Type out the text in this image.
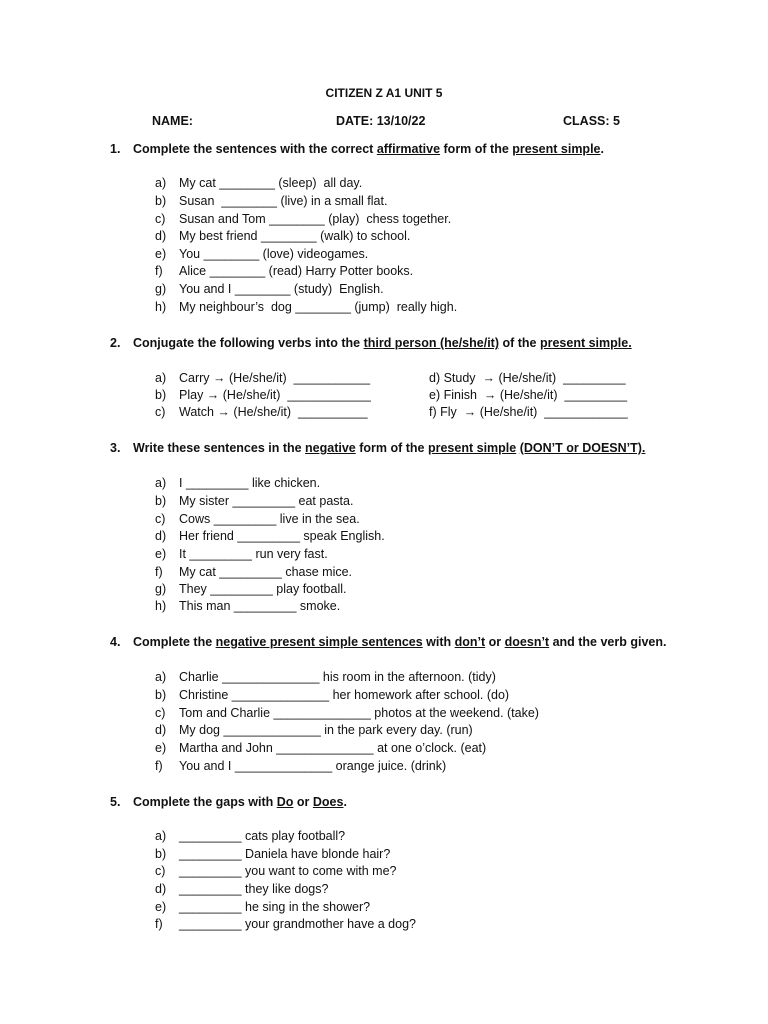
CITIZEN Z A1 UNIT 5
NAME:	DATE: 13/10/22	CLASS: 5
1. Complete the sentences with the correct affirmative form of the present simple.
a) My cat ________ (sleep)  all day.
b) Susan  ________ (live) in a small flat.
c) Susan and Tom ________ (play)  chess together.
d) My best friend ________ (walk) to school.
e) You ________ (love) videogames.
f) Alice ________ (read) Harry Potter books.
g) You and I ________ (study)  English.
h) My neighbour’s  dog ________ (jump)  really high.
2. Conjugate the following verbs into the third person (he/she/it) of the present simple.
a) Carry → (He/she/it)  ___________
b) Play → (He/she/it)  ____________
c) Watch → (He/she/it)  __________
d) Study  → (He/she/it)  _________
e) Finish  → (He/she/it)  _________
f) Fly  → (He/she/it)  ____________
3. Write these sentences in the negative form of the present simple (DON’T or DOESN’T).
a) I _________ like chicken.
b) My sister _________ eat pasta.
c) Cows _________ live in the sea.
d) Her friend _________ speak English.
e) It _________ run very fast.
f) My cat _________ chase mice.
g) They _________ play football.
h) This man _________ smoke.
4. Complete the negative present simple sentences with don’t or doesn’t and the verb given.
a) Charlie ______________ his room in the afternoon. (tidy)
b) Christine ______________ her homework after school. (do)
c) Tom and Charlie ______________ photos at the weekend. (take)
d) My dog ______________ in the park every day. (run)
e) Martha and John ______________ at one o’clock. (eat)
f) You and I ______________ orange juice. (drink)
5. Complete the gaps with Do or Does.
a) _________ cats play football?
b) _________ Daniela have blonde hair?
c) _________ you want to come with me?
d) _________ they like dogs?
e) _________ he sing in the shower?
f) _________ your grandmother have a dog?
